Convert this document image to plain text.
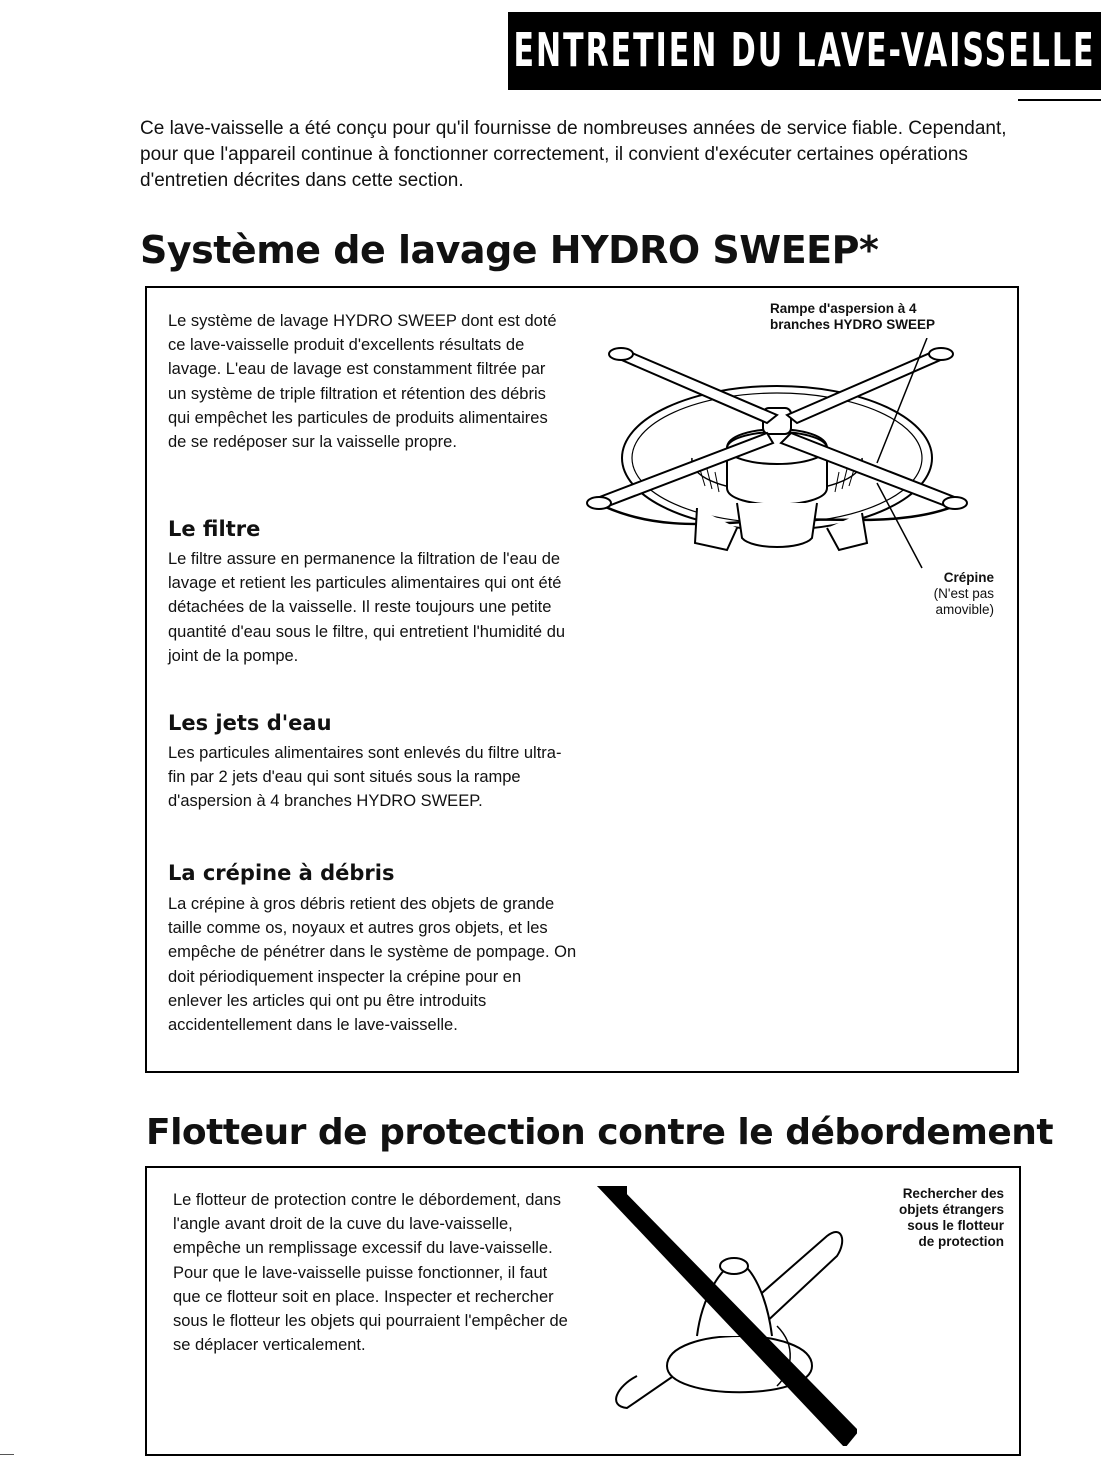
ENTRETIEN DU LAVE-VAISSELLE

Ce lave-vaisselle a été conçu pour qu'il fournisse de nombreuses années de service fiable. Cependant, pour que l'appareil continue à fonctionner correctement, il convient d'exécuter certaines opérations d'entretien décrites dans cette section.

Système de lavage HYDRO SWEEP*

Le système de lavage HYDRO SWEEP dont est doté ce lave-vaisselle produit d'excellents résultats de lavage. L'eau de lavage est constamment filtrée par un système de triple filtration et rétention des débris qui empêchet les particules de produits alimentaires de se redéposer sur la vaisselle propre.

Le filtre

Le filtre assure en permanence la filtration de l'eau de lavage et retient les particules alimentaires qui ont été détachées de la vaisselle. Il reste toujours une petite quantité d'eau sous le filtre, qui entretient l'humidité du joint de la pompe.

Les jets d'eau

Les particules alimentaires sont enlevés du filtre ultra-fin par 2 jets d'eau qui sont situés sous la rampe d'aspersion à 4 branches HYDRO SWEEP.

La crépine à débris

La crépine à gros débris retient des objets de grande taille comme os, noyaux et autres gros objets, et les empêche de pénétrer dans le système de pompage. On doit périodiquement inspecter la crépine pour en enlever les articles qui ont pu être introduits accidentellement dans le lave-vaisselle.

Rampe d'aspersion à 4
branches HYDRO SWEEP

Crépine
(N'est pas
amovible)

Flotteur de protection contre le débordement

Le flotteur de protection contre le débordement, dans l'angle avant droit de la cuve du lave-vaisselle, empêche un remplissage excessif du lave-vaisselle. Pour que le lave-vaisselle puisse fonctionner, il faut que ce flotteur soit en place. Inspecter et rechercher sous le flotteur les objets qui pourraient l'empêcher de se déplacer verticalement.

Rechercher des
objets étrangers
sous le flotteur
de protection
